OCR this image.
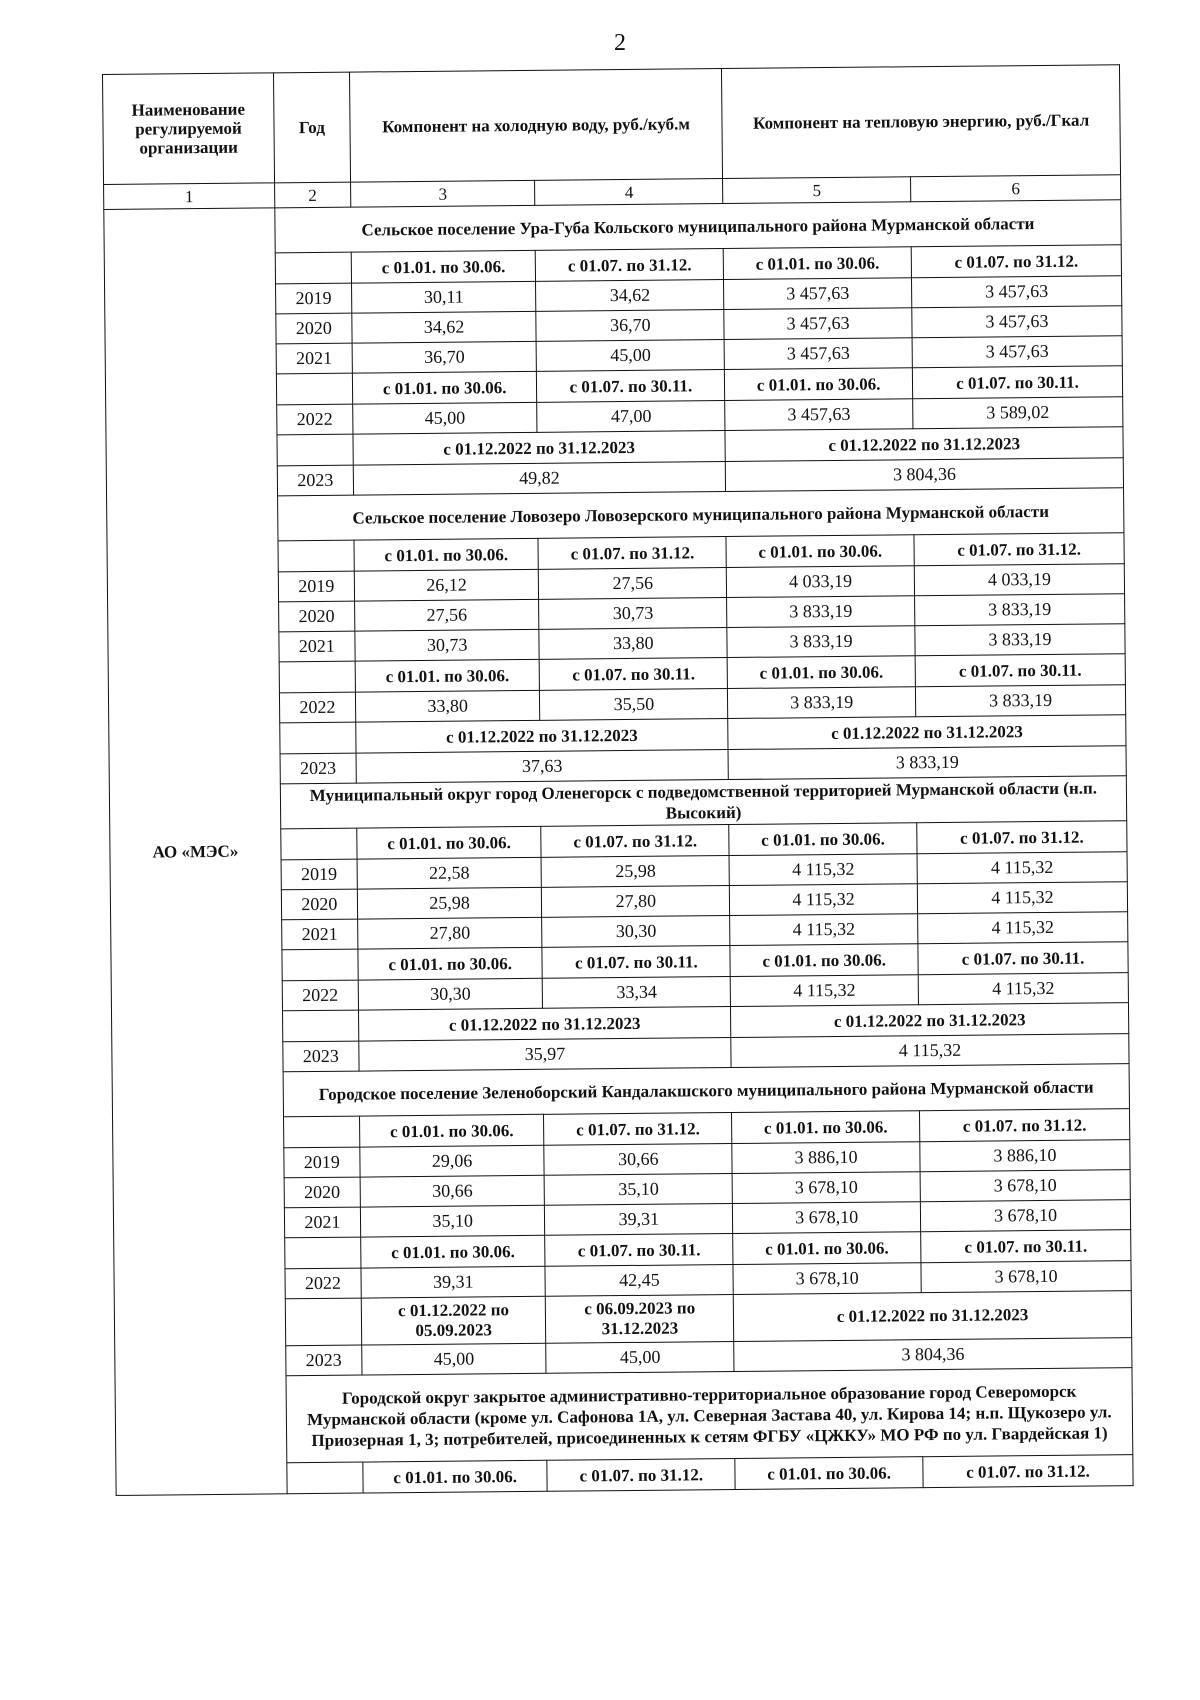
2
Наименование регулируемой организации	Год	Компонент на холодную воду, руб./куб.м		Компонент на тепловую энергию, руб./Гкал	
1	2	3	4	5	6
АО «МЭС»	Сельское поселение Ура-Губа Кольского муниципального района Мурманской области				
		с 01.01. по 30.06.	с 01.07. по 31.12.	с 01.01. по 30.06.	с 01.07. по 31.12.
	2019	30,11	34,62	3 457,63	3 457,63
	2020	34,62	36,70	3 457,63	3 457,63
	2021	36,70	45,00	3 457,63	3 457,63
		с 01.01. по 30.06.	с 01.07. по 30.11.	с 01.01. по 30.06.	с 01.07. по 30.11.
	2022	45,00	47,00	3 457,63	3 589,02
		с 01.12.2022 по 31.12.2023		с 01.12.2022 по 31.12.2023	
	2023	49,82		3 804,36	
	Сельское поселение Ловозеро Ловозерского муниципального района Мурманской области				
		с 01.01. по 30.06.	с 01.07. по 31.12.	с 01.01. по 30.06.	с 01.07. по 31.12.
	2019	26,12	27,56	4 033,19	4 033,19
	2020	27,56	30,73	3 833,19	3 833,19
	2021	30,73	33,80	3 833,19	3 833,19
		с 01.01. по 30.06.	с 01.07. по 30.11.	с 01.01. по 30.06.	с 01.07. по 30.11.
	2022	33,80	35,50	3 833,19	3 833,19
		с 01.12.2022 по 31.12.2023		с 01.12.2022 по 31.12.2023	
	2023	37,63		3 833,19	
	Муниципальный округ город Оленегорск с подведомственной территорией Мурманской области (н.п. Высокий)				
		с 01.01. по 30.06.	с 01.07. по 31.12.	с 01.01. по 30.06.	с 01.07. по 31.12.
	2019	22,58	25,98	4 115,32	4 115,32
	2020	25,98	27,80	4 115,32	4 115,32
	2021	27,80	30,30	4 115,32	4 115,32
		с 01.01. по 30.06.	с 01.07. по 30.11.	с 01.01. по 30.06.	с 01.07. по 30.11.
	2022	30,30	33,34	4 115,32	4 115,32
		с 01.12.2022 по 31.12.2023		с 01.12.2022 по 31.12.2023	
	2023	35,97		4 115,32	
	Городское поселение Зеленоборский Кандалакшского муниципального района Мурманской области				
		с 01.01. по 30.06.	с 01.07. по 31.12.	с 01.01. по 30.06.	с 01.07. по 31.12.
	2019	29,06	30,66	3 886,10	3 886,10
	2020	30,66	35,10	3 678,10	3 678,10
	2021	35,10	39,31	3 678,10	3 678,10
		с 01.01. по 30.06.	с 01.07. по 30.11.	с 01.01. по 30.06.	с 01.07. по 30.11.
	2022	39,31	42,45	3 678,10	3 678,10
		с 01.12.2022 по 05.09.2023	с 06.09.2023 по 31.12.2023	с 01.12.2022 по 31.12.2023	
	2023	45,00	45,00	3 804,36	
	Городской округ закрытое административно-территориальное образование город Североморск Мурманской области (кроме ул. Сафонова 1А, ул. Северная Застава 40, ул. Кирова 14; н.п. Щукозеро ул. Приозерная 1, 3; потребителей, присоединенных к сетям ФГБУ «ЦЖКУ» МО РФ по ул. Гвардейская 1)				
		с 01.01. по 30.06.	с 01.07. по 31.12.	с 01.01. по 30.06.	с 01.07. по 31.12.
